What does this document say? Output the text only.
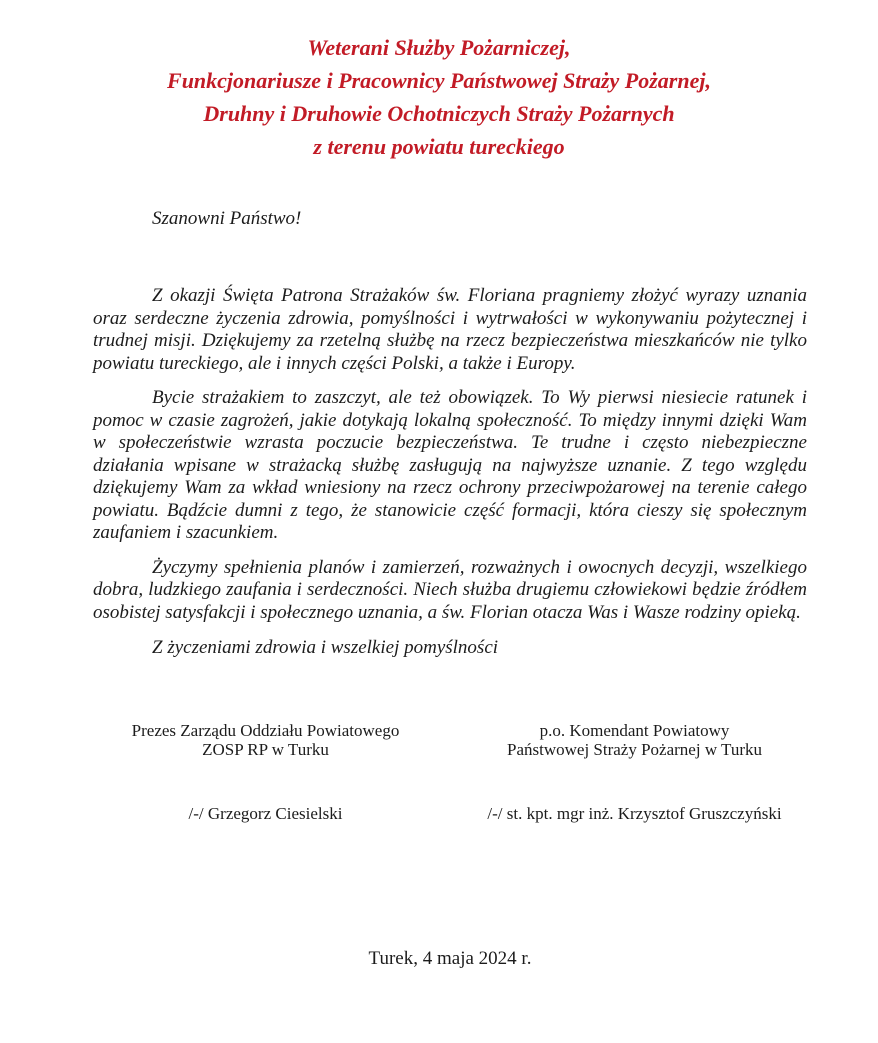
Weterani Służby Pożarniczej,
Funkcjonariusze i Pracownicy Państwowej Straży Pożarnej,
Druhny i Druhowie Ochotniczych Straży Pożarnych
z terenu powiatu tureckiego
Szanowni Państwo!

Z okazji Święta Patrona Strażaków św. Floriana pragniemy złożyć wyrazy uznania oraz serdeczne życzenia zdrowia, pomyślności i wytrwałości w wykonywaniu pożytecznej i trudnej misji. Dziękujemy za rzetelną służbę na rzecz bezpieczeństwa mieszkańców nie tylko powiatu tureckiego, ale i innych części Polski, a także i Europy.

Bycie strażakiem to zaszczyt, ale też obowiązek. To Wy pierwsi niesiecie ratunek i pomoc w czasie zagrożeń, jakie dotykają lokalną społeczność. To między innymi dzięki Wam w społeczeństwie wzrasta poczucie bezpieczeństwa. Te trudne i często niebezpieczne działania wpisane w strażacką służbę zasługują na najwyższe uznanie. Z tego względu dziękujemy Wam za wkład wniesiony na rzecz ochrony przeciwpożarowej na terenie całego powiatu. Bądźcie dumni z tego, że stanowicie część formacji, która cieszy się społecznym zaufaniem i szacunkiem.

Życzymy spełnienia planów i zamierzeń, rozważnych i owocnych decyzji, wszelkiego dobra, ludzkiego zaufania i serdeczności. Niech służba drugiemu człowiekowi będzie źródłem osobistej satysfakcji i społecznego uznania, a św. Florian otacza Was i Wasze rodziny opieką.

Z życzeniami zdrowia i wszelkiej pomyślności
Prezes Zarządu Oddziału Powiatowego
ZOSP RP w Turku
p.o. Komendant Powiatowy
Państwowej Straży Pożarnej w Turku
/-/ Grzegorz Ciesielski	/-/ st. kpt. mgr inż. Krzysztof Gruszczyński
Turek, 4 maja 2024 r.
